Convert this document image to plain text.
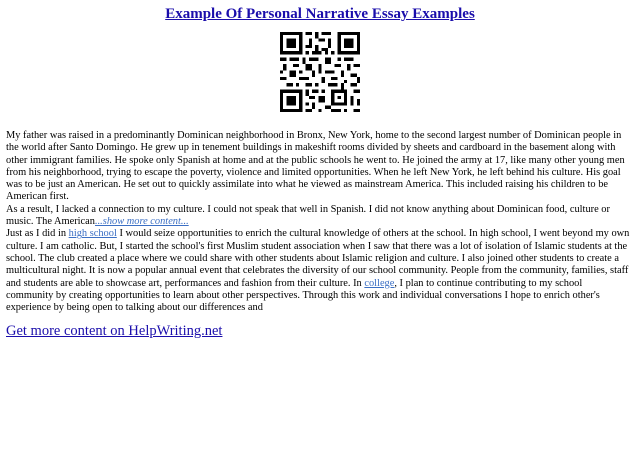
Example Of Personal Narrative Essay Examples

My father was raised in a predominantly Dominican neighborhood in Bronx, New York, home to the second largest number of Dominican people in the world after Santo Domingo. He grew up in tenement buildings in makeshift rooms divided by sheets and cardboard in the basement along with other immigrant families. He spoke only Spanish at home and at the public schools he went to. He joined the army at 17, like many other young men from his neighborhood, trying to escape the poverty, violence and limited opportunities. When he left New York, he left behind his culture. His goal was to be just an American. He set out to quickly assimilate into what he viewed as mainstream America. This included raising his children to be American first.

As a result, I lacked a connection to my culture. I could not speak that well in Spanish. I did not know anything about Dominican food, culture or music. The American...show more content...

Just as I did in high school I would seize opportunities to enrich the cultural knowledge of others at the school. In high school, I went beyond my own culture. I am catholic. But, I started the school's first Muslim student association when I saw that there was a lot of isolation of Islamic students at the school. The club created a place where we could share with other students about Islamic religion and culture. I also joined other students to create a multicultural night. It is now a popular annual event that celebrates the diversity of our school community. People from the community, families, staff and students are able to showcase art, performances and fashion from their culture. In college, I plan to continue contributing to my school community by creating opportunities to learn about other perspectives. Through this work and individual conversations I hope to enrich other's experience by being open to talking about our differences and

Get more content on HelpWriting.net
